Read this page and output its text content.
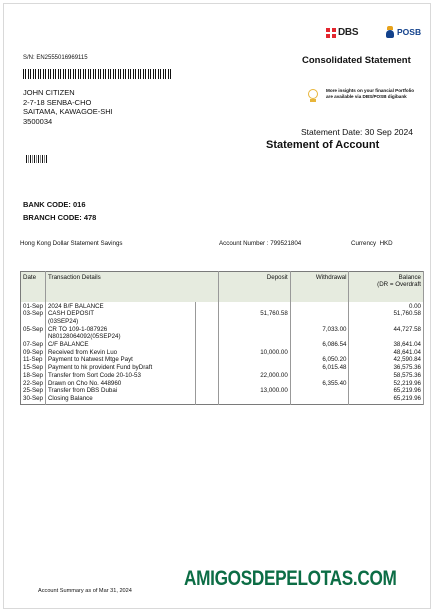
DBS	POSB
S/N: EN2555016969115	Consolidated Statement
JOHN CITIZEN
2-7-18 SENBA-CHO
SAITAMA, KAWAGOE-SHI
3500034
More insights on your financial Portfolio are available via DBS/POSB digibank
Statement Date: 30 Sep 2024
Statement of Account
BANK CODE: 016
BRANCH CODE: 478
Hong Kong Dollar Statement Savings	Account Number : 799521804	Currency HKD
Date	Transaction Details		Deposit	Withdrawal	Balance
(DR = Overdraft

01-Sep	2024 B/F BALANCE				0.00
03-Sep	CASH DEPOSIT		51,760.58		51,760.58
	(03SEP24)				
05-Sep	CR TO 109-1-087926			7,033.00	44,727.58
	N80128064092(05SEP24)				
07-Sep	C/F BALANCE			6,086.54	38,641.04
09-Sep	Received from Kevin Luo		10,000.00		48,641.04
11-Sep	Payment to Natwest Mtge Payt			6,050.20	42,590.84
15-Sep	Payment to hk provident Fund byDraft			6,015.48	36,575.36
18-Sep	Transfer from Sort Code 20-10-53		22,000.00		58,575.36
22-Sep	Drawn on Cho No. 448960			6,355.40	52,219.96
25-Sep	Transfer from DBS Dubai		13,000.00		65,219.96
30-Sep	Closing Balance				65,219.96
Account Summary as of Mar 31, 2024
AMIGOSDEPELOTAS.COM
